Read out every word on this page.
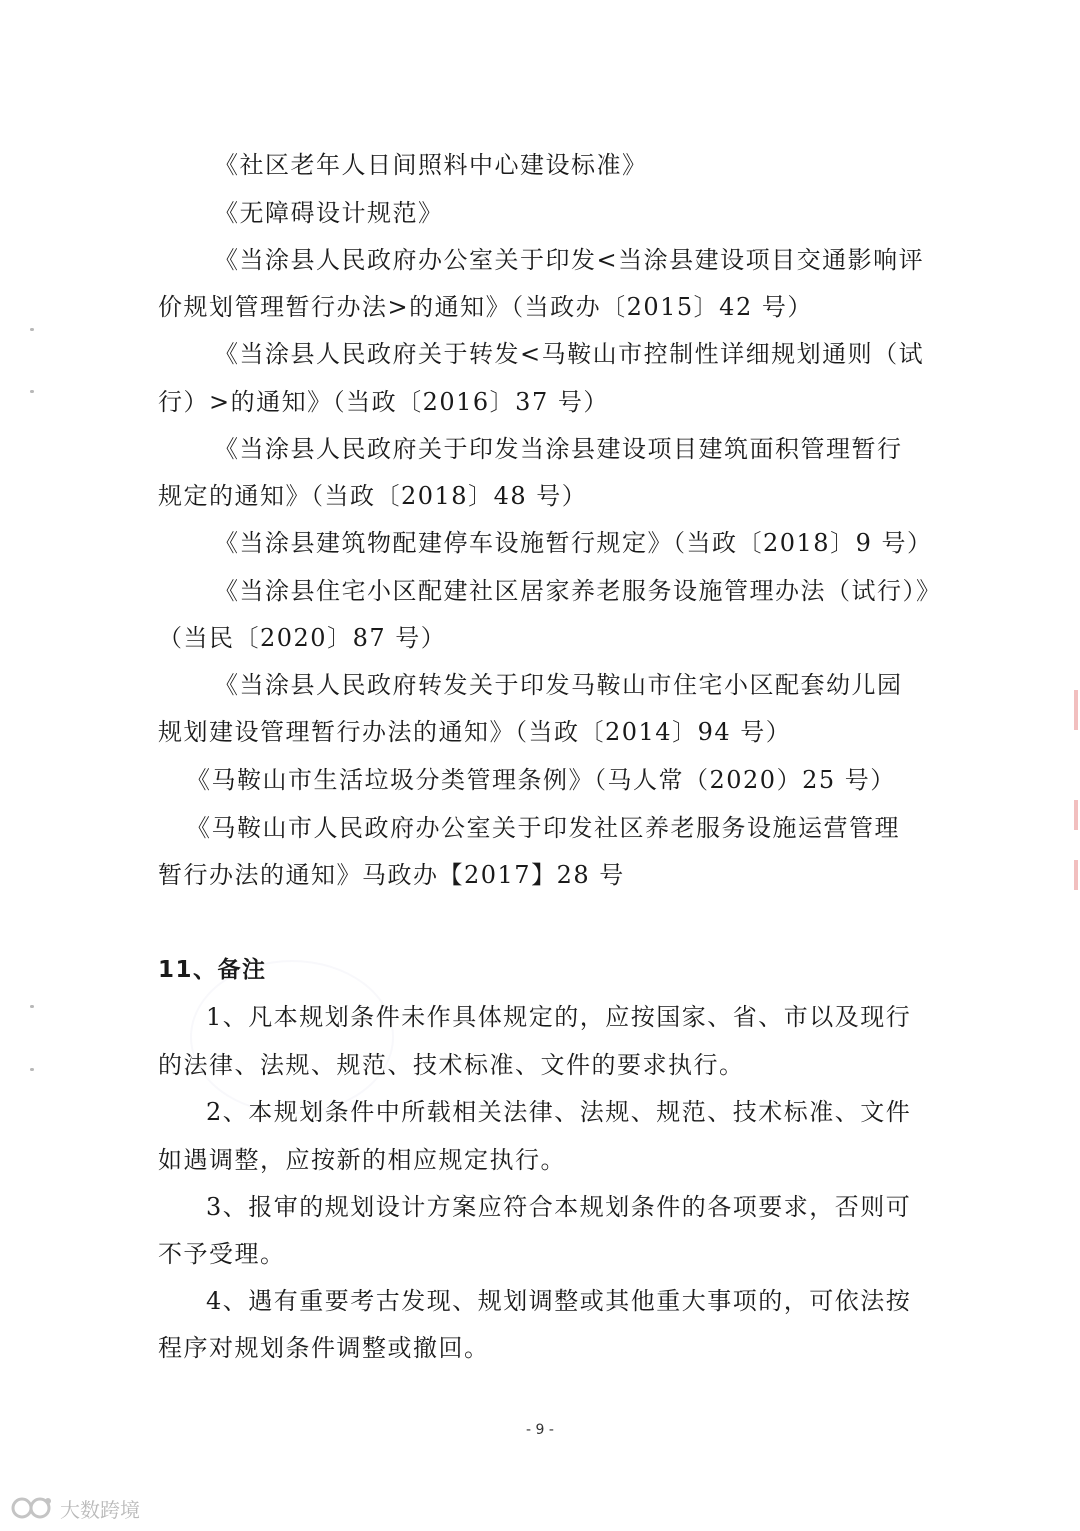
《社区老年人日间照料中心建设标准》
《无障碍设计规范》
《当涂县人民政府办公室关于印发<当涂县建设项目交通影响评
价规划管理暂行办法>的通知》（当政办〔2015〕42 号）
《当涂县人民政府关于转发<马鞍山市控制性详细规划通则（试
行）>的通知》（当政〔2016〕37 号）
《当涂县人民政府关于印发当涂县建设项目建筑面积管理暂行
规定的通知》（当政〔2018〕48 号）
《当涂县建筑物配建停车设施暂行规定》（当政〔2018〕9 号）
《当涂县住宅小区配建社区居家养老服务设施管理办法（试行）》
（当民〔2020〕87 号）
《当涂县人民政府转发关于印发马鞍山市住宅小区配套幼儿园
规划建设管理暂行办法的通知》（当政〔2014〕94 号）
《马鞍山市生活垃圾分类管理条例》（马人常（2020）25 号）
《马鞍山市人民政府办公室关于印发社区养老服务设施运营管理
暂行办法的通知》马政办【2017】28 号
11、备注
1、凡本规划条件未作具体规定的，应按国家、省、市以及现行
的法律、法规、规范、技术标准、文件的要求执行。
2、本规划条件中所载相关法律、法规、规范、技术标准、文件
如遇调整，应按新的相应规定执行。
3、报审的规划设计方案应符合本规划条件的各项要求，否则可
不予受理。
4、遇有重要考古发现、规划调整或其他重大事项的，可依法按
程序对规划条件调整或撤回。
- 9 -
大数跨境
